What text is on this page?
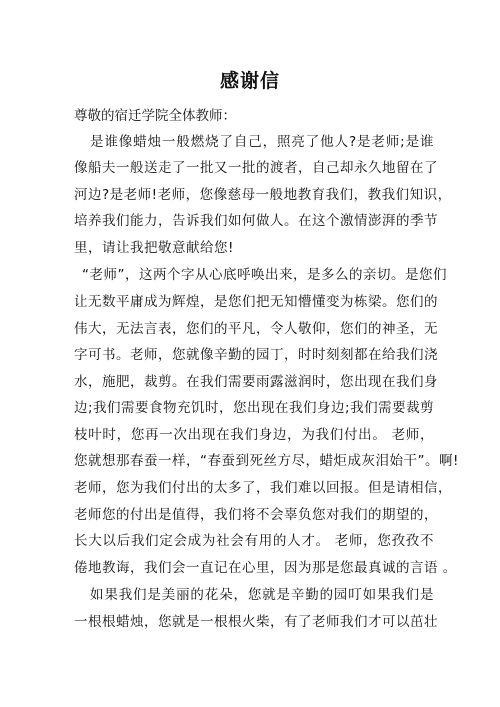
感谢信
尊敬的宿迁学院全体教师：
是谁像蜡烛一般燃烧了自己，照亮了他人?是老师;是谁
像船夫一般送走了一批又一批的渡者，自己却永久地留在了
河边?是老师!老师，您像慈母一般地教育我们，教我们知识，
培养我们能力，告诉我们如何做人。在这个激情澎湃的季节
里，请让我把敬意献给您!
“老师”，这两个字从心底呼唤出来，是多么的亲切。是您们
让无数平庸成为辉煌，是您们把无知懵懂变为栋梁。您们的
伟大，无法言表，您们的平凡，令人敬仰，您们的神圣，无
字可书。老师，您就像辛勤的园丁，时时刻刻都在给我们浇
水，施肥，裁剪。在我们需要雨露滋润时，您出现在我们身
边;我们需要食物充饥时，您出现在我们身边;我们需要裁剪
枝叶时，您再一次出现在我们身边，为我们付出。 老师，
您就想那春蚕一样，“春蚕到死丝方尽，蜡炬成灰泪始干”。啊!
老师，您为我们付出的太多了，我们难以回报。但是请相信，
老师您的付出是值得，我们将不会辜负您对我们的期望的，
长大以后我们定会成为社会有用的人才。 老师，您孜孜不
倦地教诲，我们会一直记在心里，因为那是您最真诚的言语 。
如果我们是美丽的花朵，您就是辛勤的园叮如果我们是
一根根蜡烛，您就是一根根火柴，有了老师我们才可以茁壮
